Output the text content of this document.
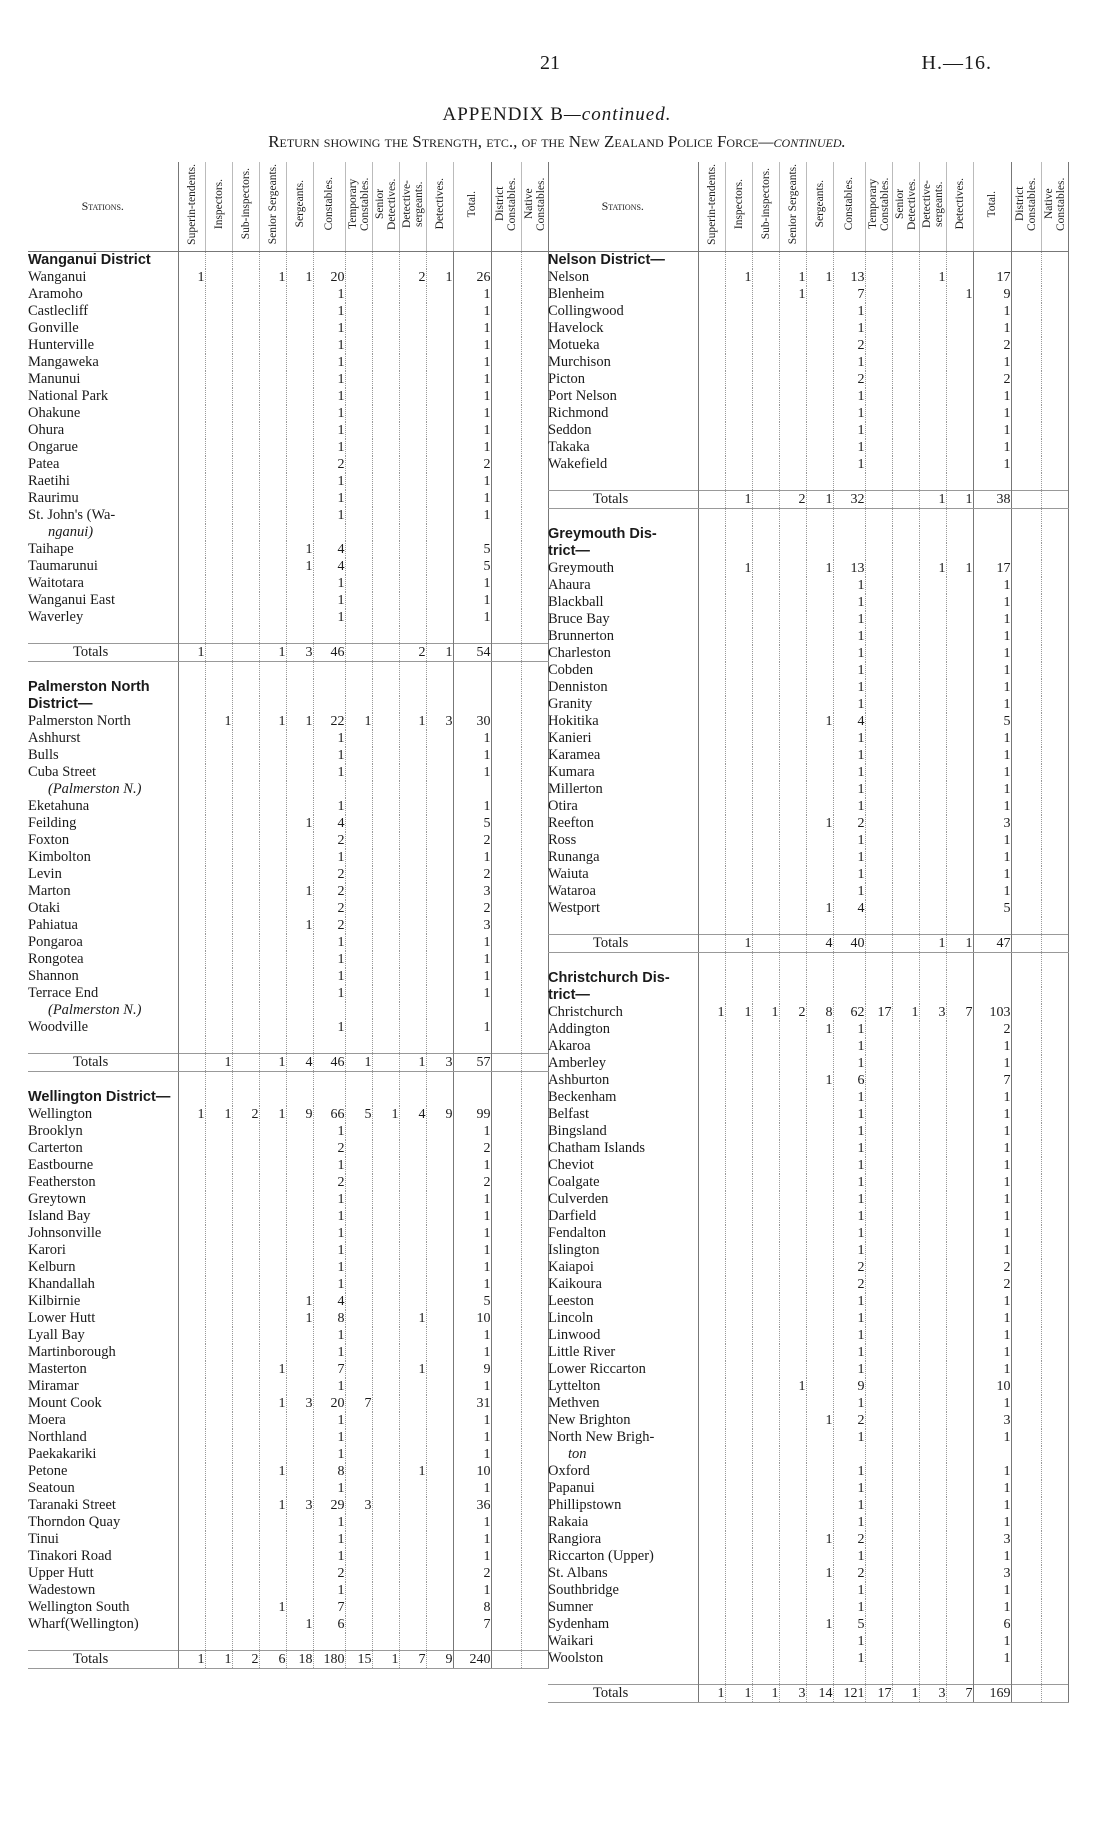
21	H.—16.
APPENDIX B—continued.
Return showing the Strength, etc., of the New Zealand Police Force—continued.
Stations.	Superin-tendents.	Inspectors.	Sub-inspectors.	Senior Sergeants.	Sergeants.	Constables.	Temporary Constables.	Senior Detectives.	Detective-sergeants.	Detectives.	Total.	District Constables.	Native Constables.
Wanganui District													
Wanganui	1			1	1	20			2	1	26		
Aramoho						1					1		
Castlecliff						1					1		
Gonville						1					1		
Hunterville						1					1		
Mangaweka						1					1		
Manunui						1					1		
National Park						1					1		
Ohakune						1					1		
Ohura						1					1		
Ongarue						1					1		
Patea						2					2		
Raetihi						1					1		
Raurimu						1					1		
St. John's (Wa-						1					1		
nganui)													
Taihape					1	4					5		
Taumarunui					1	4					5		
Waitotara						1					1		
Wanganui East						1					1		
Waverley						1					1		

Totals	1			1	3	46			2	1	54		

Palmerston North													
District—													
Palmerston North		1		1	1	22	1		1	3	30		
Ashhurst						1					1		
Bulls						1					1		
Cuba Street						1					1		
(Palmerston N.)													
Eketahuna						1					1		
Feilding					1	4					5		
Foxton						2					2		
Kimbolton						1					1		
Levin						2					2		
Marton					1	2					3		
Otaki						2					2		
Pahiatua					1	2					3		
Pongaroa						1					1		
Rongotea						1					1		
Shannon						1					1		
Terrace End						1					1		
(Palmerston N.)													
Woodville						1					1		

Totals		1		1	4	46	1		1	3	57		

Wellington District—													
Wellington	1	1	2	1	9	66	5	1	4	9	99		
Brooklyn						1					1		
Carterton						2					2		
Eastbourne						1					1		
Featherston						2					2		
Greytown						1					1		
Island Bay						1					1		
Johnsonville						1					1		
Karori						1					1		
Kelburn						1					1		
Khandallah						1					1		
Kilbirnie					1	4					5		
Lower Hutt					1	8			1		10		
Lyall Bay						1					1		
Martinborough						1					1		
Masterton				1		7			1		9		
Miramar						1					1		
Mount Cook				1	3	20	7				31		
Moera						1					1		
Northland						1					1		
Paekakariki						1					1		
Petone				1		8			1		10		
Seatoun						1					1		
Taranaki Street				1	3	29	3				36		
Thorndon Quay						1					1		
Tinui						1					1		
Tinakori Road						1					1		
Upper Hutt						2					2		
Wadestown						1					1		
Wellington South				1		7					8		
Wharf(Wellington)					1	6					7		

Totals	1	1	2	6	18	180	15	1	7	9	240		
Stations.	Superin-tendents.	Inspectors.	Sub-inspectors.	Senior Sergeants.	Sergeants.	Constables.	Temporary Constables.	Senior Detectives.	Detective-sergeants.	Detectives.	Total.	District Constables.	Native Constables.
Nelson District—													
Nelson		1		1	1	13			1		17		
Blenheim				1		7				1	9		
Collingwood						1					1		
Havelock						1					1		
Motueka						2					2		
Murchison						1					1		
Picton						2					2		
Port Nelson						1					1		
Richmond						1					1		
Seddon						1					1		
Takaka						1					1		
Wakefield						1					1		

Totals		1		2	1	32			1	1	38		

Greymouth Dis-													
trict—													
Greymouth		1			1	13			1	1	17		
Ahaura						1					1		
Blackball						1					1		
Bruce Bay						1					1		
Brunnerton						1					1		
Charleston						1					1		
Cobden						1					1		
Denniston						1					1		
Granity						1					1		
Hokitika					1	4					5		
Kanieri						1					1		
Karamea						1					1		
Kumara						1					1		
Millerton						1					1		
Otira						1					1		
Reefton					1	2					3		
Ross						1					1		
Runanga						1					1		
Waiuta						1					1		
Wataroa						1					1		
Westport					1	4					5		

Totals		1			4	40			1	1	47		

Christchurch Dis-													
trict—													
Christchurch	1	1	1	2	8	62	17	1	3	7	103		
Addington					1	1					2		
Akaroa						1					1		
Amberley						1					1		
Ashburton					1	6					7		
Beckenham						1					1		
Belfast						1					1		
Bingsland						1					1		
Chatham Islands						1					1		
Cheviot						1					1		
Coalgate						1					1		
Culverden						1					1		
Darfield						1					1		
Fendalton						1					1		
Islington						1					1		
Kaiapoi						2					2		
Kaikoura						2					2		
Leeston						1					1		
Lincoln						1					1		
Linwood						1					1		
Little River						1					1		
Lower Riccarton						1					1		
Lyttelton				1		9					10		
Methven						1					1		
New Brighton					1	2					3		
North New Brigh-						1					1		
ton													
Oxford						1					1		
Papanui						1					1		
Phillipstown						1					1		
Rakaia						1					1		
Rangiora					1	2					3		
Riccarton (Upper)						1					1		
St. Albans					1	2					3		
Southbridge						1					1		
Sumner						1					1		
Sydenham					1	5					6		
Waikari						1					1		
Woolston						1					1		

Totals	1	1	1	3	14	121	17	1	3	7	169		
